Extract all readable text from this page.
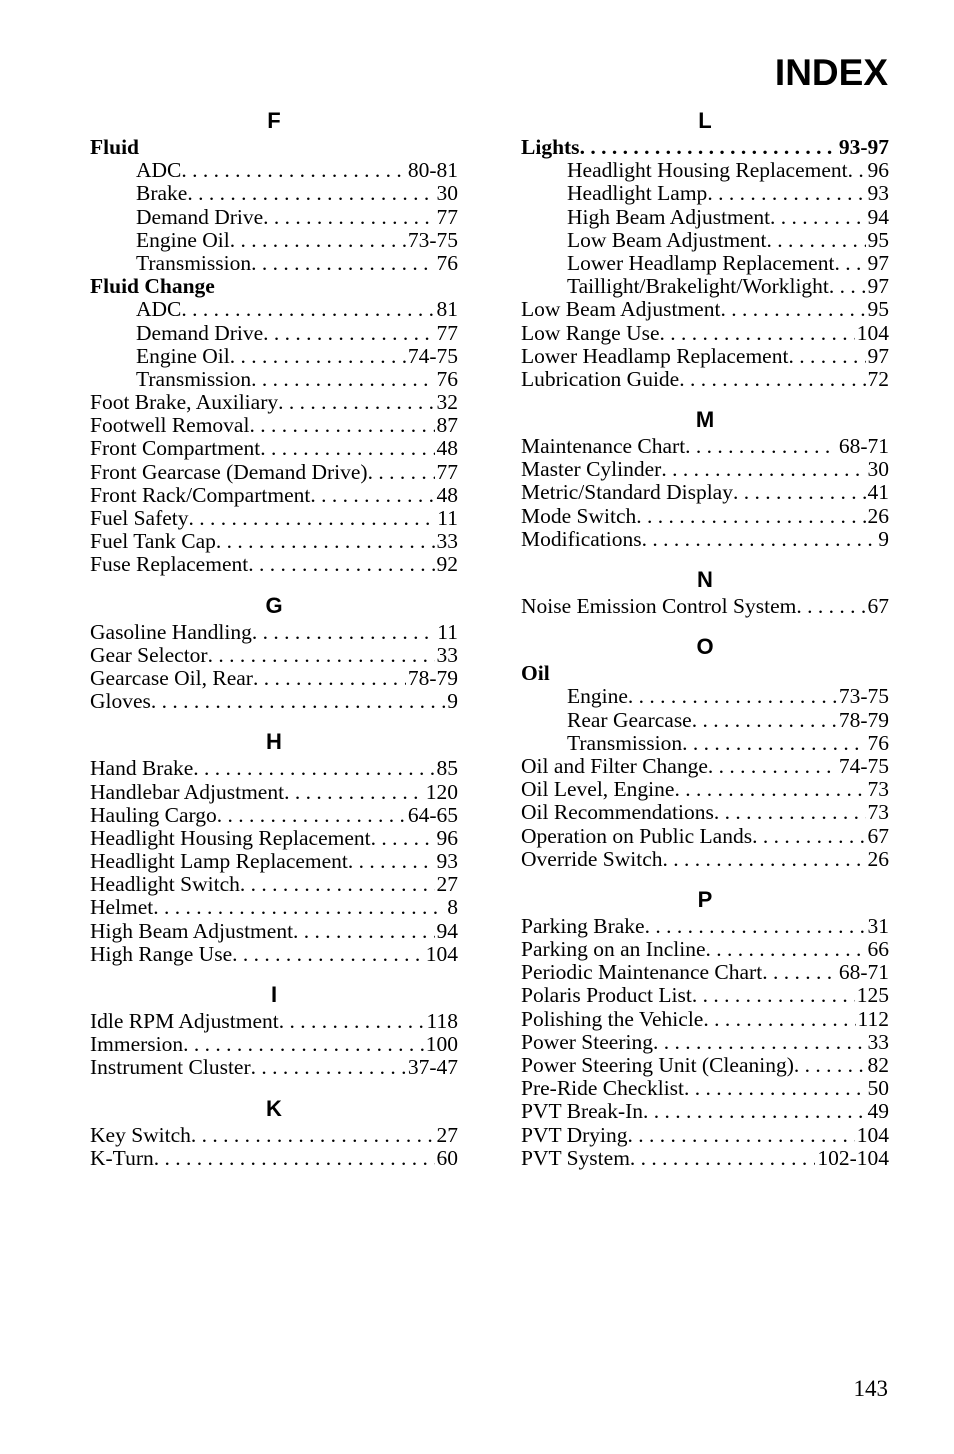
INDEX
F
Fluid
ADC . . .	80-81
Brake . . .	30
Demand Drive . . .	77
Engine Oil . . .	73-75
Transmission . . .	76
Fluid Change
ADC . . .	81
Demand Drive . . .	77
Engine Oil . . .	74-75
Transmission . . .	76
Foot Brake, Auxiliary . . .	32
Footwell Removal . . .	87
Front Compartment . . .	48
Front Gearcase (Demand Drive) . . .	77
Front Rack/Compartment . . .	48
Fuel Safety . . .	11
Fuel Tank Cap . . .	33
Fuse Replacement . . .	92
G
Gasoline Handling . . .	11
Gear Selector . . .	33
Gearcase Oil, Rear . . .	78-79
Gloves . . .	9
H
Hand Brake . . .	85
Handlebar Adjustment . . .	120
Hauling Cargo . . .	64-65
Headlight Housing Replacement . . .	96
Headlight Lamp Replacement . . .	93
Headlight Switch . . .	27
Helmet . . .	8
High Beam Adjustment . . .	94
High Range Use . . .	104
I
Idle RPM Adjustment . . .	118
Immersion . . .	100
Instrument Cluster . . .	37-47
K
Key Switch . . .	27
K-Turn . . .	60
L
Lights . . .	93-97
Headlight Housing Replacement . . . 96
Headlight Lamp . . .	93
High Beam Adjustment . . .	94
Low Beam Adjustment . . .	95
Lower Headlamp Replacement . . . 97
Taillight/Brakelight/Worklight . . . 97
Low Beam Adjustment . . .	95
Low Range Use . . .	104
Lower Headlamp Replacement . . .	97
Lubrication Guide . . .	72
M
Maintenance Chart . . .	68-71
Master Cylinder . . .	30
Metric/Standard Display . . .	41
Mode Switch . . .	26
Modifications . . .	9
N
Noise Emission Control System . . .	67
O
Oil
Engine . . .	73-75
Rear Gearcase . . .	78-79
Transmission . . .	76
Oil and Filter Change . . .	74-75
Oil Level, Engine . . .	73
Oil Recommendations . . .	73
Operation on Public Lands . . .	67
Override Switch . . .	26
P
Parking Brake . . .	31
Parking on an Incline . . .	66
Periodic Maintenance Chart . . .	68-71
Polaris Product List . . .	125
Polishing the Vehicle . . .	112
Power Steering . . .	33
Power Steering Unit (Cleaning) . . .	82
Pre-Ride Checklist . . .	50
PVT Break-In . . .	49
PVT Drying . . .	104
PVT System . . .	102-104
143
